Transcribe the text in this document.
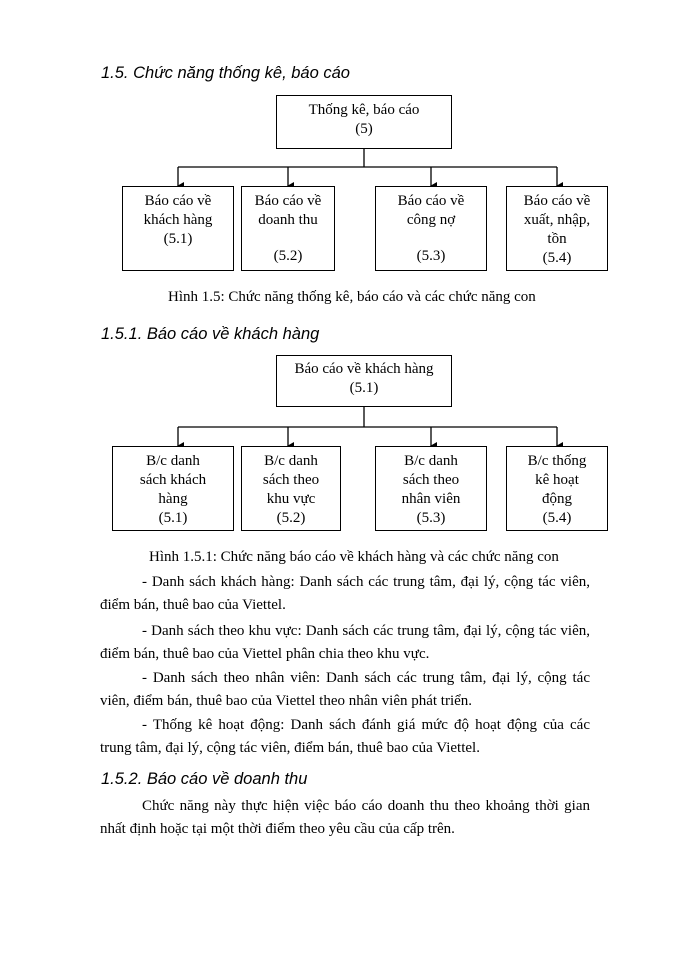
1.5. Chức năng thống kê, báo cáo
Thống kê, báo cáo
(5)
Báo cáo về khách hàng
(5.1)
Báo cáo về doanh thu
(5.2)
Báo cáo về công nợ
(5.3)
Báo cáo về xuất, nhập, tồn
(5.4)
Hình 1.5: Chức năng thống kê, báo cáo và các chức năng con
1.5.1. Báo cáo về khách hàng
Báo cáo về khách hàng
(5.1)
B/c danh sách khách hàng
(5.1)
B/c danh sách theo khu vực
(5.2)
B/c danh sách theo nhân viên
(5.3)
B/c thống kê hoạt động
(5.4)
Hình 1.5.1: Chức năng báo cáo về khách hàng và các chức năng con
- Danh sách khách hàng: Danh sách các trung tâm, đại lý, cộng tác viên, điểm bán, thuê bao của Viettel.
- Danh sách theo khu vực: Danh sách các trung tâm, đại lý, cộng tác viên, điểm bán, thuê bao của Viettel phân chia theo khu vực.
- Danh sách theo nhân viên: Danh sách các trung tâm, đại lý, cộng tác viên, điểm bán, thuê bao của Viettel theo nhân viên phát triển.
- Thống kê hoạt động: Danh sách đánh giá mức độ hoạt động của các trung tâm, đại lý, cộng tác viên, điểm bán, thuê bao của Viettel.
1.5.2. Báo cáo về doanh thu
Chức năng này thực hiện việc báo cáo doanh thu theo khoảng thời gian nhất định hoặc tại một thời điểm theo yêu cầu của cấp trên.
